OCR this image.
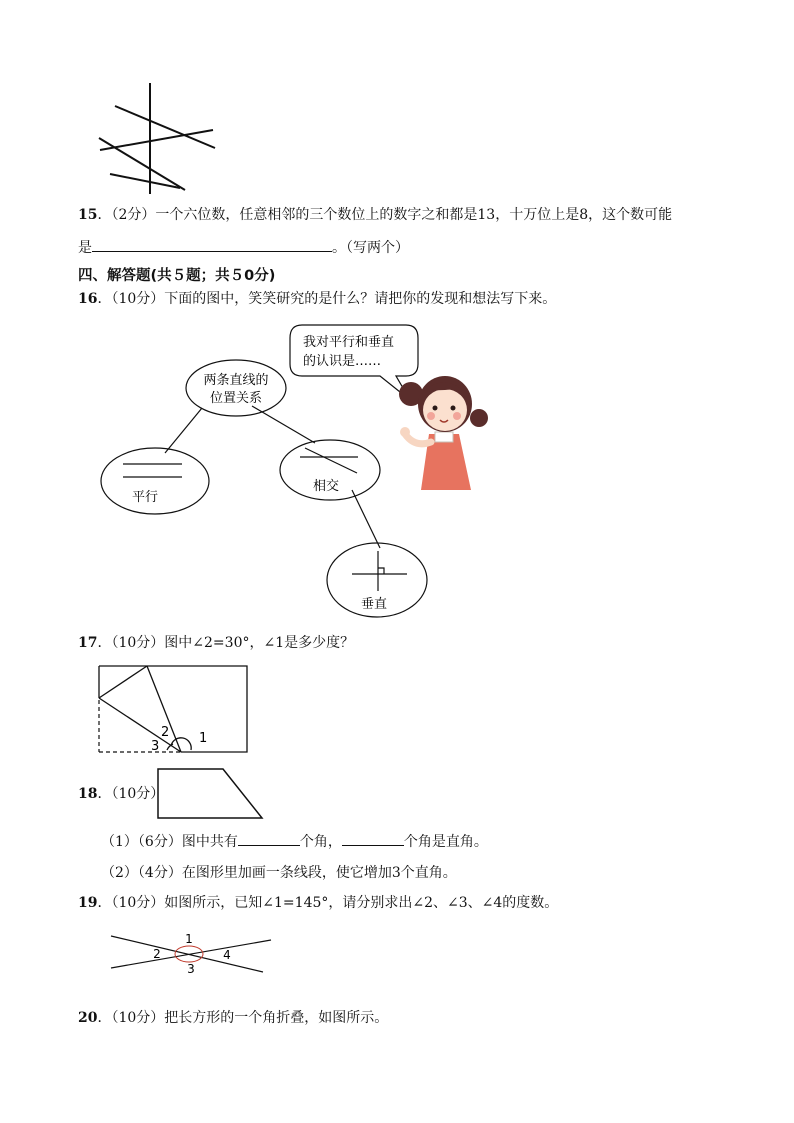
15．（2分）一个六位数，任意相邻的三个数位上的数字之和都是13，十万位上是8，这个数可能
是	。（写两个）
四、解答题(共５题；共５0分)
16．（10分）下面的图中，笑笑研究的是什么？请把你的发现和想法写下来。
两条直线的
位置关系
平行
相交
垂直
我对平行和垂直
的认识是……
17．（10分）图中∠2=30°，∠1是多少度？
2 1
3
18．（10分）
（1）（6分）图中共有	个角，	个角是直角。
（2）（4分）在图形里加画一条线段，使它增加3个直角。
19．（10分）如图所示，已知∠1=145°，请分别求出∠2、∠3、∠4的度数。
1
2
3
4
20．（10分）把长方形的一个角折叠，如图所示。
